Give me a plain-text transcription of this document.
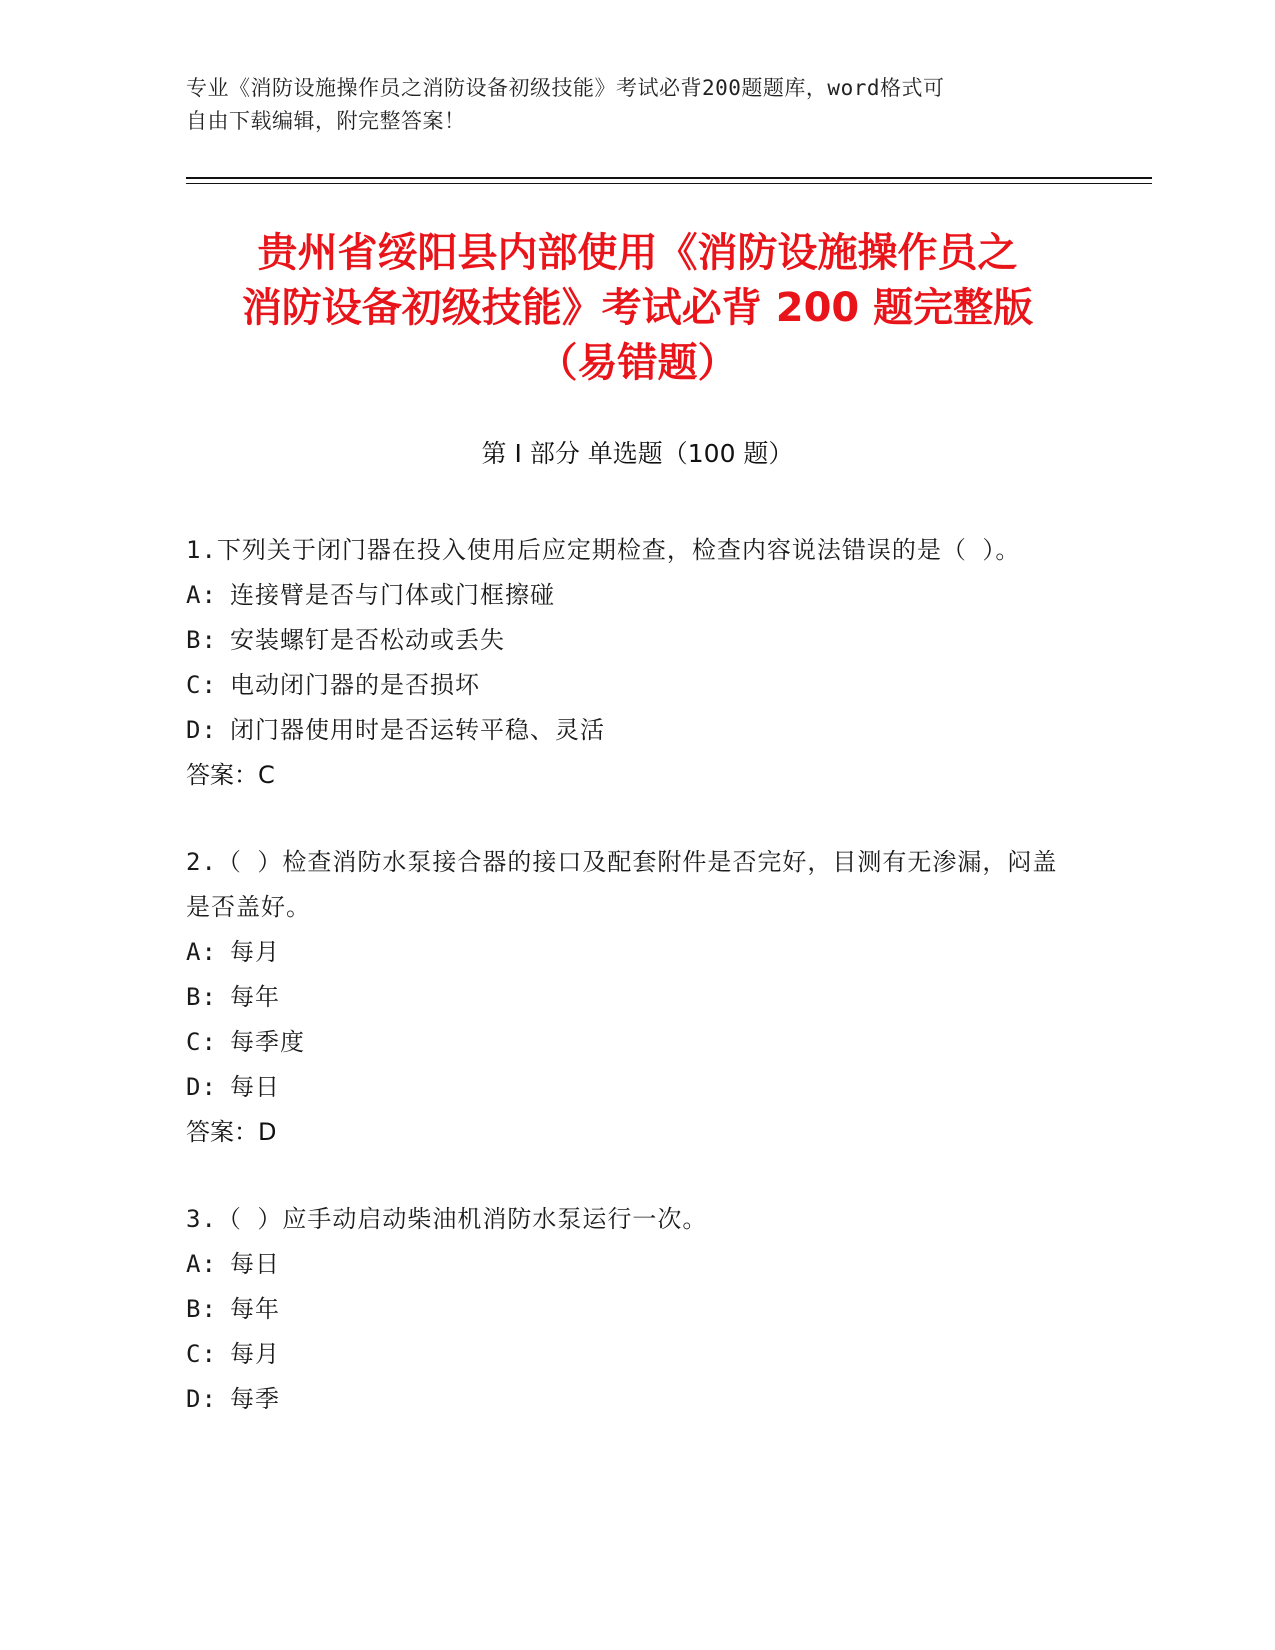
专业《消防设施操作员之消防设备初级技能》考试必背200题题库，word格式可
自由下载编辑，附完整答案！
贵州省绥阳县内部使用《消防设施操作员之
消防设备初级技能》考试必背 200 题完整版
（易错题）
第 I 部分 单选题（100 题）
1.下列关于闭门器在投入使用后应定期检查，检查内容说法错误的是（ ）。
A: 连接臂是否与门体或门框擦碰
B: 安装螺钉是否松动或丢失
C: 电动闭门器的是否损坏
D: 闭门器使用时是否运转平稳、灵活
答案：C
2.（ ）检查消防水泵接合器的接口及配套附件是否完好，目测有无渗漏，闷盖是否盖好。
A: 每月
B: 每年
C: 每季度
D: 每日
答案：D
3.（ ）应手动启动柴油机消防水泵运行一次。
A: 每日
B: 每年
C: 每月
D: 每季
